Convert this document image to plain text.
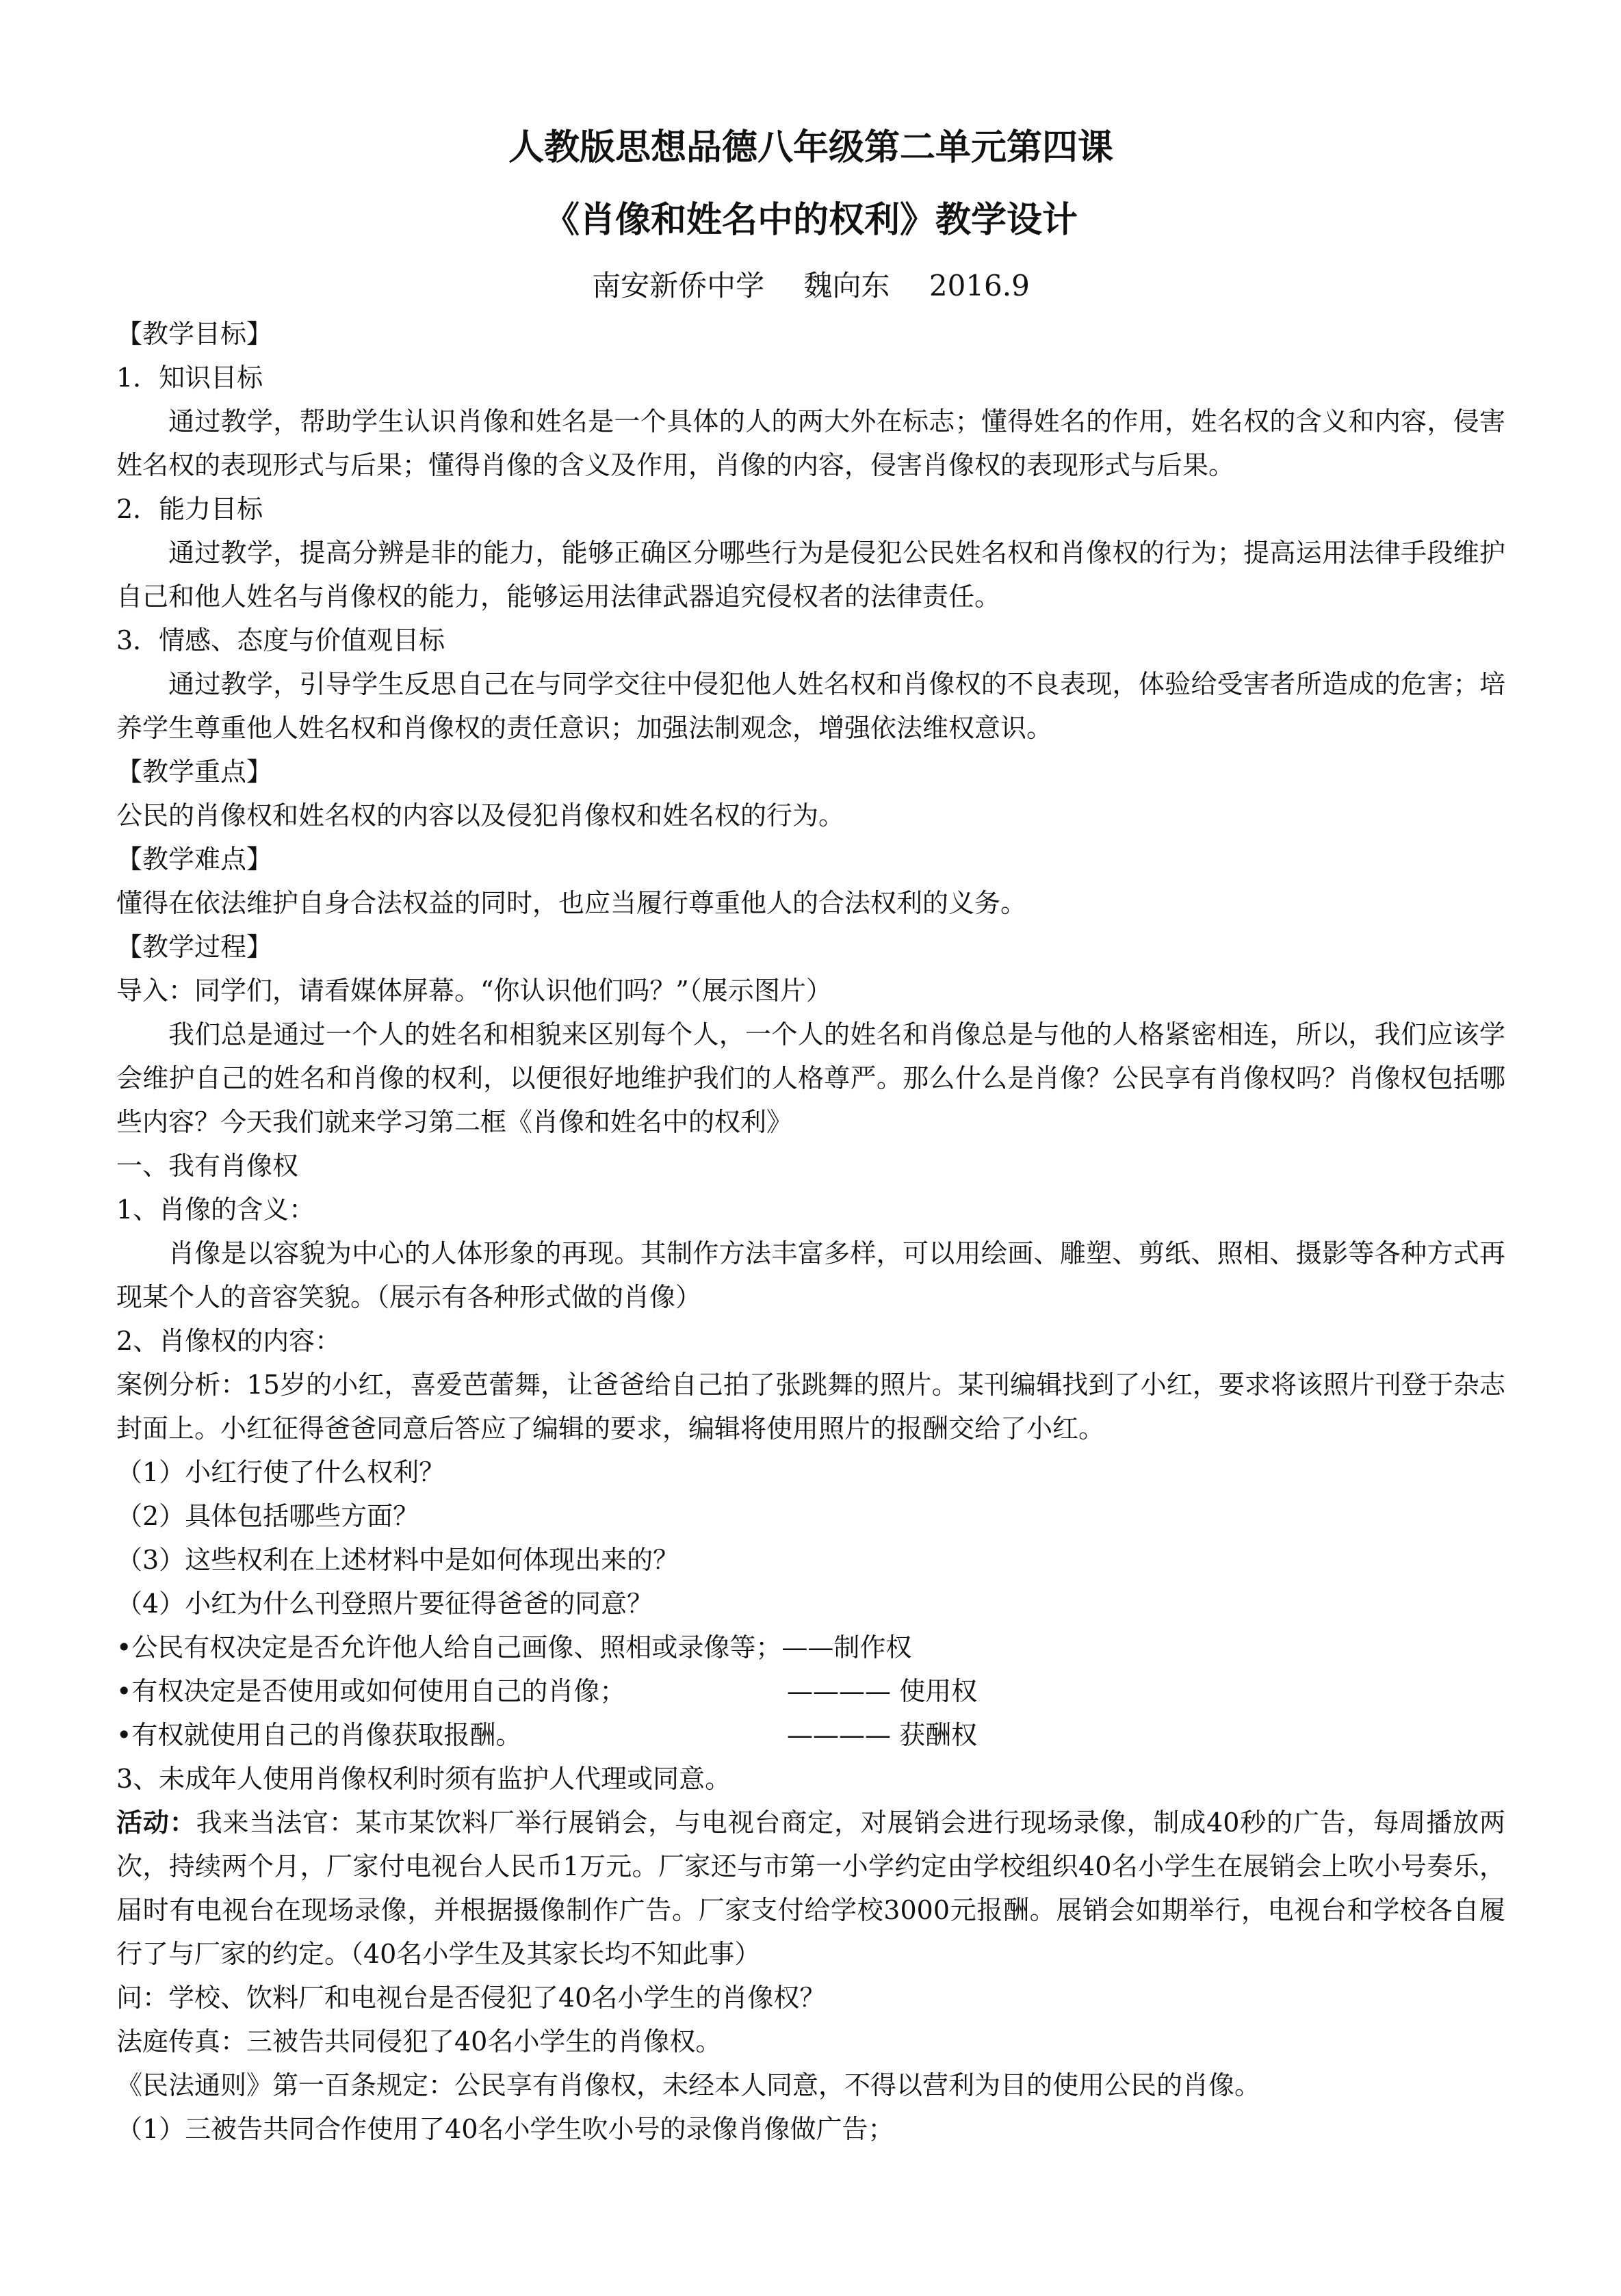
人教版思想品德八年级第二单元第四课
《肖像和姓名中的权利》教学设计
南安新侨中学 魏向东 2016.9

【教学目标】

1．知识目标

通过教学，帮助学生认识肖像和姓名是一个具体的人的两大外在标志；懂得姓名的作用，姓名权的含义和内容，侵害姓名权的表现形式与后果；懂得肖像的含义及作用，肖像的内容，侵害肖像权的表现形式与后果。

2．能力目标

通过教学，提高分辨是非的能力，能够正确区分哪些行为是侵犯公民姓名权和肖像权的行为；提高运用法律手段维护自己和他人姓名与肖像权的能力，能够运用法律武器追究侵权者的法律责任。

3．情感、态度与价值观目标

通过教学，引导学生反思自己在与同学交往中侵犯他人姓名权和肖像权的不良表现，体验给受害者所造成的危害；培养学生尊重他人姓名权和肖像权的责任意识；加强法制观念，增强依法维权意识。

【教学重点】

公民的肖像权和姓名权的内容以及侵犯肖像权和姓名权的行为。

【教学难点】

懂得在依法维护自身合法权益的同时，也应当履行尊重他人的合法权利的义务。

【教学过程】

导入：同学们，请看媒体屏幕。“你认识他们吗？”（展示图片）

我们总是通过一个人的姓名和相貌来区别每个人，一个人的姓名和肖像总是与他的人格紧密相连，所以，我们应该学会维护自己的姓名和肖像的权利，以便很好地维护我们的人格尊严。那么什么是肖像？公民享有肖像权吗？肖像权包括哪些内容？今天我们就来学习第二框《肖像和姓名中的权利》

一、我有肖像权

1、肖像的含义：

肖像是以容貌为中心的人体形象的再现。其制作方法丰富多样，可以用绘画、雕塑、剪纸、照相、摄影等各种方式再现某个人的音容笑貌。（展示有各种形式做的肖像）

2、肖像权的内容：

案例分析：15岁的小红，喜爱芭蕾舞，让爸爸给自己拍了张跳舞的照片。某刊编辑找到了小红，要求将该照片刊登于杂志封面上。小红征得爸爸同意后答应了编辑的要求，编辑将使用照片的报酬交给了小红。

（1）小红行使了什么权利？

（2）具体包括哪些方面？

（3）这些权利在上述材料中是如何体现出来的？

（4）小红为什么刊登照片要征得爸爸的同意？

•公民有权决定是否允许他人给自己画像、照相或录像等；——制作权

•有权决定是否使用或如何使用自己的肖像；	———— 使用权
•有权就使用自己的肖像获取报酬。	———— 获酬权

3、未成年人使用肖像权利时须有监护人代理或同意。

活动：我来当法官：某市某饮料厂举行展销会，与电视台商定，对展销会进行现场录像，制成40秒的广告，每周播放两次，持续两个月，厂家付电视台人民币1万元。厂家还与市第一小学约定由学校组织40名小学生在展销会上吹小号奏乐，届时有电视台在现场录像，并根据摄像制作广告。厂家支付给学校3000元报酬。展销会如期举行，电视台和学校各自履行了与厂家的约定。（40名小学生及其家长均不知此事）

问：学校、饮料厂和电视台是否侵犯了40名小学生的肖像权？

法庭传真：三被告共同侵犯了40名小学生的肖像权。

《民法通则》第一百条规定：公民享有肖像权，未经本人同意，不得以营利为目的使用公民的肖像。

（1）三被告共同合作使用了40名小学生吹小号的录像肖像做广告；
